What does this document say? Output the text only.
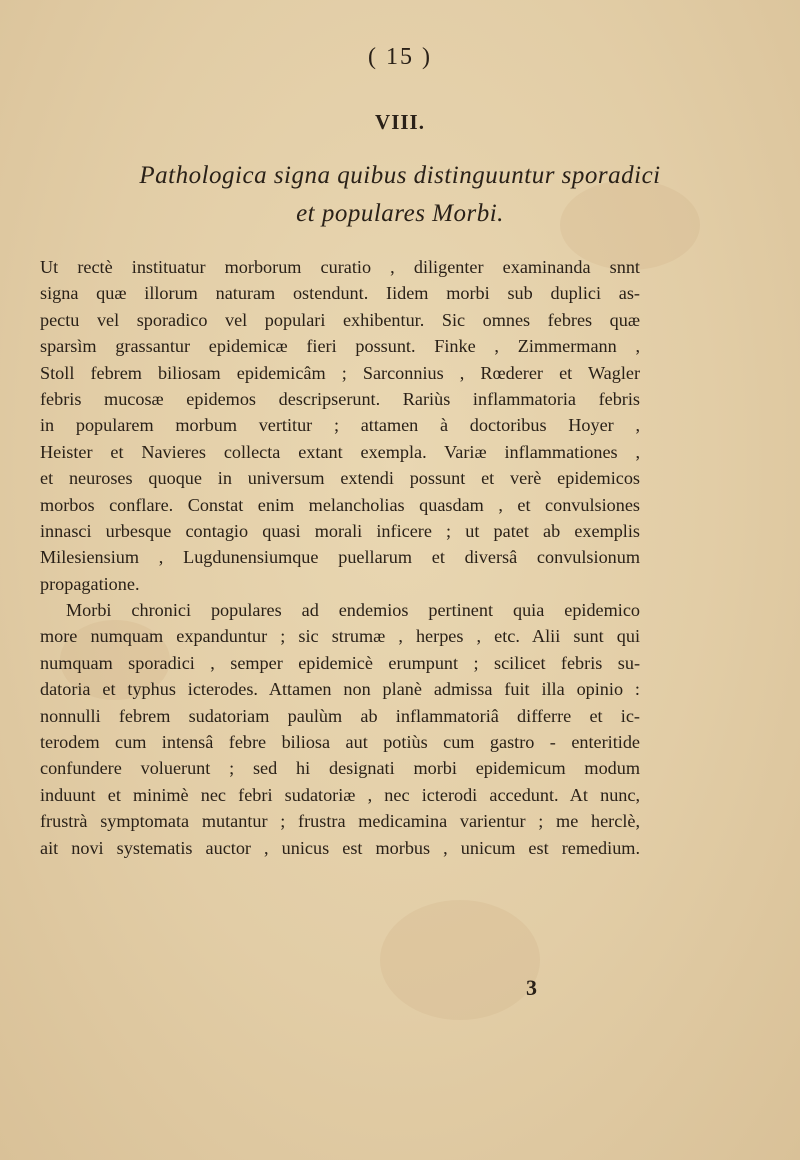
( 15 )
VIII.
Pathologica signa quibus distinguuntur sporadici
et populares Morbi.
Ut rectè instituatur morborum curatio , diligenter examinanda snnt
signa quæ illorum naturam ostendunt. Iidem morbi sub duplici as-
pectu vel sporadico vel populari exhibentur. Sic omnes febres quæ
sparsìm grassantur epidemicæ fieri possunt. Finke , Zimmermann ,
Stoll febrem biliosam epidemicâm ; Sarconnius , Rœderer et Wagler
febris mucosæ epidemos descripserunt. Rariùs inflammatoria febris
in popularem morbum vertitur ; attamen à doctoribus Hoyer ,
Heister et Navieres collecta extant exempla. Variæ inflammationes ,
et neuroses quoque in universum extendi possunt et verè epidemicos
morbos conflare. Constat enim melancholias quasdam , et convulsiones
innasci urbesque contagio quasi morali inficere ; ut patet ab exemplis
Milesiensium , Lugdunensiumque puellarum et diversâ convulsionum
propagatione.
Morbi chronici populares ad endemios pertinent quia epidemico
more numquam expanduntur ; sic strumæ , herpes , etc. Alii sunt qui
numquam sporadici , semper epidemicè erumpunt ; scilicet febris su-
datoria et typhus icterodes. Attamen non planè admissa fuit illa opinio :
nonnulli febrem sudatoriam paulùm ab inflammatoriâ differre et ic-
terodem cum intensâ febre biliosa aut potiùs cum gastro - enteritide
confundere voluerunt ; sed hi designati morbi epidemicum modum
induunt et minimè nec febri sudatoriæ , nec icterodi accedunt. At nunc,
frustrà symptomata mutantur ; frustra medicamina varientur ; me herclè,
ait novi systematis auctor , unicus est morbus , unicum est remedium.
3
